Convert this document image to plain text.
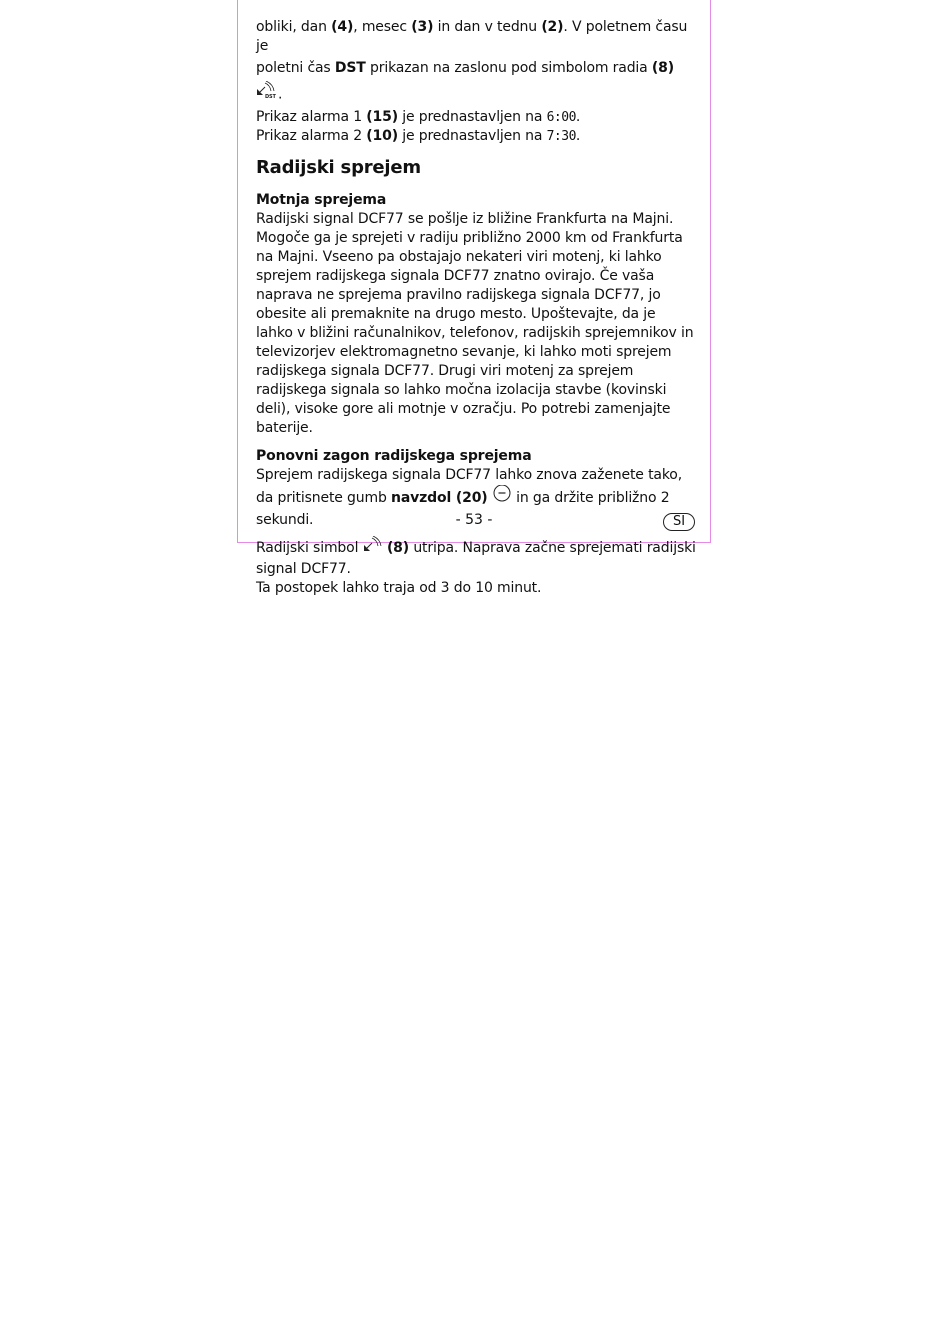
obliki, dan (4), mesec (3) in dan v tednu (2). V poletnem času je

poletni čas DST prikazan na zaslonu pod simbolom radia (8)
DST .

Prikaz alarma 1 (15) je prednastavljen na 6:00.

Prikaz alarma 2 (10) je prednastavljen na 7:30.

Radijski sprejem
Motnja sprejema

Radijski signal DCF77 se pošlje iz bližine Frankfurta na Majni. Mogoče ga je sprejeti v radiju približno 2000 km od Frankfurta na Majni. Vseeno pa obstajajo nekateri viri motenj, ki lahko sprejem radijskega signala DCF77 znatno ovirajo. Če vaša naprava ne sprejema pravilno radijskega signala DCF77, jo obesite ali premaknite na drugo mesto. Upoštevajte, da je lahko v bližini računalnikov, telefonov, radijskih sprejemnikov in televizorjev elektromagnetno sevanje, ki lahko moti sprejem radijskega signala DCF77. Drugi viri motenj za sprejem radijskega signala so lahko močna izolacija stavbe (kovinski deli), visoke gore ali motnje v ozračju. Po potrebi zamenjajte baterije.

Ponovni zagon radijskega sprejema

Sprejem radijskega signala DCF77 lahko znova zaženete tako, da pritisnete gumb navzdol (20)  in ga držite približno 2 sekundi.

Radijski simbol  (8) utripa. Naprava začne sprejemati radijski signal DCF77.

Ta postopek lahko traja od 3 do 10 minut.

- 53 -	SI
